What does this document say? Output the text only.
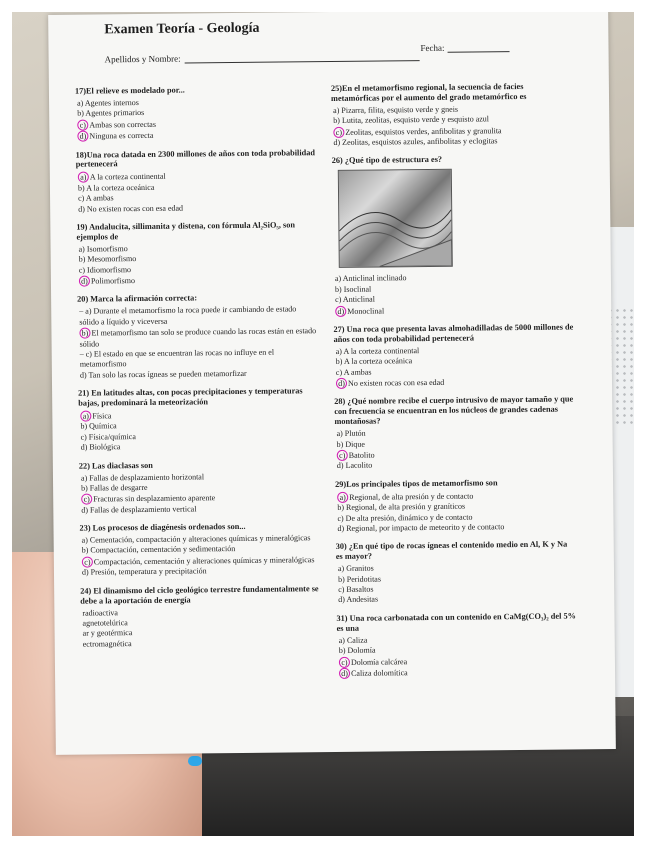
Examen Teoría - Geología
Fecha:
Apellidos y Nombre:
17)El relieve es modelado por...
a) Agentes internos
b) Agentes primarios
c) Ambas son correctas
d) Ninguna es correcta
18)Una roca datada en 2300 millones de años con toda probabilidad pertenecerá
a) A la corteza continental
b) A la corteza oceánica
c) A ambas
d) No existen rocas con esa edad
19) Andalucita, sillimanita y distena, con fórmula Al₂SiO₅, son ejemplos de
a) Isomorfismo
b) Mesomorfismo
c) Idiomorfismo
d) Polimorfismo
20) Marca la afirmación correcta:
– a) Durante el metamorfismo la roca puede ir cambiando de estado sólido a líquido y viceversa
b) El metamorfismo tan solo se produce cuando las rocas están en estado sólido
– c) El estado en que se encuentran las rocas no influye en el metamorfismo
d) Tan solo las rocas ígneas se pueden metamorfizar
21) En latitudes altas, con pocas precipitaciones y temperaturas bajas, predominará la meteorización
a) Física
b) Química
c) Física/química
d) Biológica
22) Las diaclasas son
a) Fallas de desplazamiento horizontal
b) Fallas de desgarre
c) Fracturas sin desplazamiento aparente
d) Fallas de desplazamiento vertical
23) Los procesos de diagénesis ordenados son...
a) Cementación, compactación y alteraciones químicas y mineralógicas
b) Compactación, cementación y sedimentación
c) Compactación, cementación y alteraciones químicas y mineralógicas
d) Presión, temperatura y precipitación
24) El dinamismo del ciclo geológico terrestre fundamentalmente se debe a la aportación de energía
radioactiva
agnetotelúrica
ar y geotérmica
ectromagnética
25)En el metamorfismo regional, la secuencia de facies metamórficas por el aumento del grado metamórfico es
a) Pizarra, filita, esquisto verde y gneis
b) Lutita, zeolitas, esquisto verde y esquisto azul
c) Zeolitas, esquistos verdes, anfibolitas y granulita
d) Zeolitas, esquistos azules, anfibolitas y eclogitas
26) ¿Qué tipo de estructura es?
a) Anticlinal inclinado
b) Isoclinal
c) Anticlinal
d) Monoclinal
27) Una roca que presenta lavas almohadilladas de 5000 millones de años con toda probabilidad pertenecerá
a) A la corteza continental
b) A la corteza oceánica
c) A ambas
d) No existen rocas con esa edad
28) ¿Qué nombre recibe el cuerpo intrusivo de mayor tamaño y que con frecuencia se encuentran en los núcleos de grandes cadenas montañosas?
a) Plutón
b) Dique
c) Batolito
d) Lacolito
29)Los principales tipos de metamorfismo son
a) Regional, de alta presión y de contacto
b) Regional, de alta presión y graníticos
c) De alta presión, dinámico y de contacto
d) Regional, por impacto de meteorito y de contacto
30) ¿En qué tipo de rocas ígneas el contenido medio en Al, K y Na es mayor?
a) Granitos
b) Peridotitas
c) Basaltos
d) Andesitas
31) Una roca carbonatada con un contenido en CaMg(CO₃)₂ del 5% es una
a) Caliza
b) Dolomía
c) Dolomía calcárea
d) Caliza dolomítica
